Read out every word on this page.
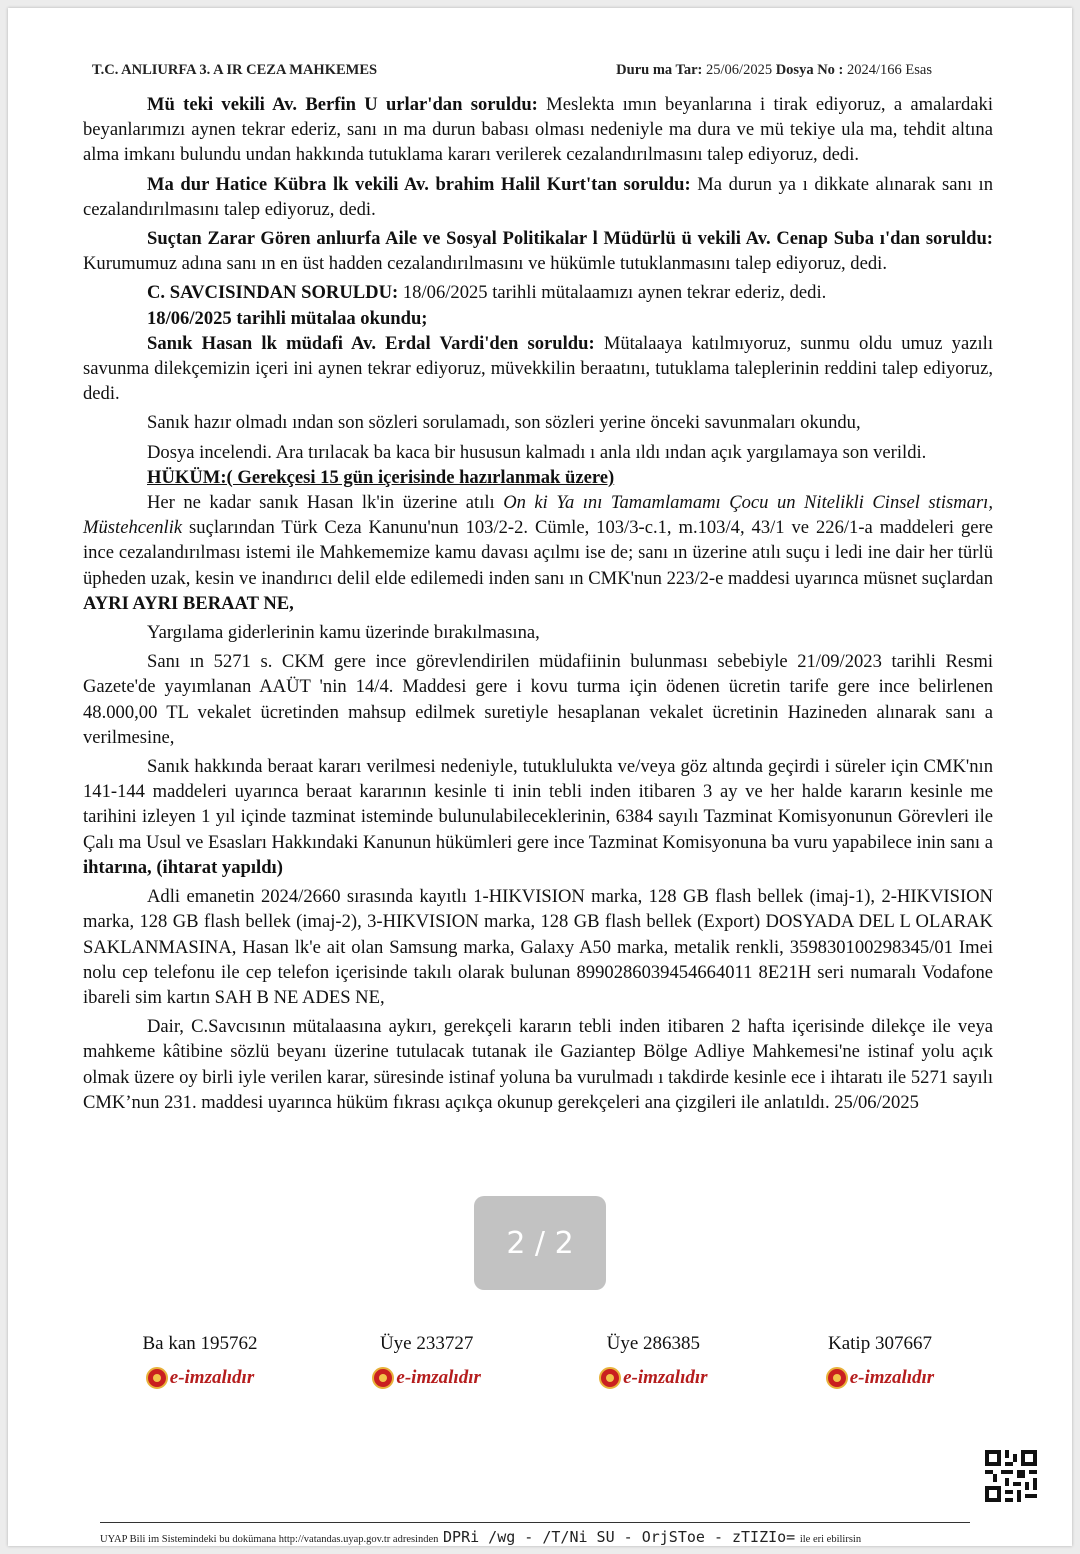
T.C. ANLIURFA 3. A IR CEZA MAHKEMES	Duru ma Tar: 25/06/2025 Dosya No : 2024/166 Esas

Mü teki vekili Av. Berfin U urlar'dan soruldu: Meslekta ımın beyanlarına i tirak ediyoruz, a amalardaki beyanlarımızı aynen tekrar ederiz, sanı ın ma durun babası olması nedeniyle ma dura ve mü tekiye ula ma, tehdit altına alma imkanı bulundu undan hakkında tutuklama kararı verilerek cezalandırılmasını talep ediyoruz, dedi.

Ma dur Hatice Kübra lk vekili Av. brahim Halil Kurt'tan soruldu: Ma durun ya ı dikkate alınarak sanı ın cezalandırılmasını talep ediyoruz, dedi.

Suçtan Zarar Gören anlıurfa Aile ve Sosyal Politikalar l Müdürlü ü vekili Av. Cenap Suba ı'dan soruldu: Kurumumuz adına sanı ın en üst hadden cezalandırılmasını ve hükümle tutuklanmasını talep ediyoruz, dedi.

C. SAVCISINDAN SORULDU: 18/06/2025 tarihli mütalaamızı aynen tekrar ederiz, dedi.

18/06/2025 tarihli mütalaa okundu;

Sanık Hasan lk müdafi Av. Erdal Vardi'den soruldu: Mütalaaya katılmıyoruz, sunmu oldu umuz yazılı savunma dilekçemizin içeri ini aynen tekrar ediyoruz, müvekkilin beraatını, tutuklama taleplerinin reddini talep ediyoruz, dedi.

Sanık hazır olmadı ından son sözleri sorulamadı, son sözleri yerine önceki savunmaları okundu,

Dosya incelendi. Ara tırılacak ba kaca bir hususun kalmadı ı anla ıldı ından açık yargılamaya son verildi.

HÜKÜM:( Gerekçesi 15 gün içerisinde hazırlanmak üzere)

Her ne kadar sanık Hasan lk'in üzerine atılı On ki Ya ını Tamamlamamı Çocu un Nitelikli Cinsel stismarı, Müstehcenlik suçlarından Türk Ceza Kanunu'nun 103/2-2. Cümle, 103/3-c.1, m.103/4, 43/1 ve 226/1-a maddeleri gere ince cezalandırılması istemi ile Mahkememize kamu davası açılmı ise de; sanı ın üzerine atılı suçu i ledi ine dair her türlü üpheden uzak, kesin ve inandırıcı delil elde edilemedi inden sanı ın CMK'nun 223/2-e maddesi uyarınca müsnet suçlardan AYRI AYRI BERAAT NE,

Yargılama giderlerinin kamu üzerinde bırakılmasına,

Sanı ın 5271 s. CKM gere ince görevlendirilen müdafiinin bulunması sebebiyle 21/09/2023 tarihli Resmi Gazete'de yayımlanan AAÜT 'nin 14/4. Maddesi gere i kovu turma için ödenen ücretin tarife gere ince belirlenen 48.000,00 TL vekalet ücretinden mahsup edilmek suretiyle hesaplanan vekalet ücretinin Hazineden alınarak sanı a verilmesine,

Sanık hakkında beraat kararı verilmesi nedeniyle, tutuklulukta ve/veya göz altında geçirdi i süreler için CMK'nın 141-144 maddeleri uyarınca beraat kararının kesinle ti inin tebli inden itibaren 3 ay ve her halde kararın kesinle me tarihini izleyen 1 yıl içinde tazminat isteminde bulunulabileceklerinin, 6384 sayılı Tazminat Komisyonunun Görevleri ile Çalı ma Usul ve Esasları Hakkındaki Kanunun hükümleri gere ince Tazminat Komisyonuna ba vuru yapabilece inin sanı a ihtarına, (ihtarat yapıldı)

Adli emanetin 2024/2660 sırasında kayıtlı 1-HIKVISION marka, 128 GB flash bellek (imaj-1), 2-HIKVISION marka, 128 GB flash bellek (imaj-2), 3-HIKVISION marka, 128 GB flash bellek (Export) DOSYADA DEL L OLARAK SAKLANMASINA, Hasan lk'e ait olan Samsung marka, Galaxy A50 marka, metalik renkli, 359830100298345/01 Imei nolu cep telefonu ile cep telefon içerisinde takılı olarak bulunan 8990286039454664011 8E21H seri numaralı Vodafone ibareli sim kartın SAH B NE ADES NE,

Dair, C.Savcısının mütalaasına aykırı, gerekçeli kararın tebli inden itibaren 2 hafta içerisinde dilekçe ile veya mahkeme kâtibine sözlü beyanı üzerine tutulacak tutanak ile Gaziantep Bölge Adliye Mahkemesi'ne istinaf yolu açık olmak üzere oy birli iyle verilen karar, süresinde istinaf yoluna ba vurulmadı ı takdirde kesinle ece i ihtaratı ile 5271 sayılı CMK’nun 231. maddesi uyarınca hüküm fıkrası açıkça okunup gerekçeleri ana çizgileri ile anlatıldı. 25/06/2025

2 / 2
Ba kan 195762
e-imzalıdır
Üye 233727
e-imzalıdır
Üye 286385
e-imzalıdır
Katip 307667
e-imzalıdır
UYAP Bili im Sistemindeki bu dokümana http://vatandas.uyap.gov.tr adresinden DPRi /wg - /T/Ni SU - OrjSToe - zTIZIo= ile eri ebilirsin
